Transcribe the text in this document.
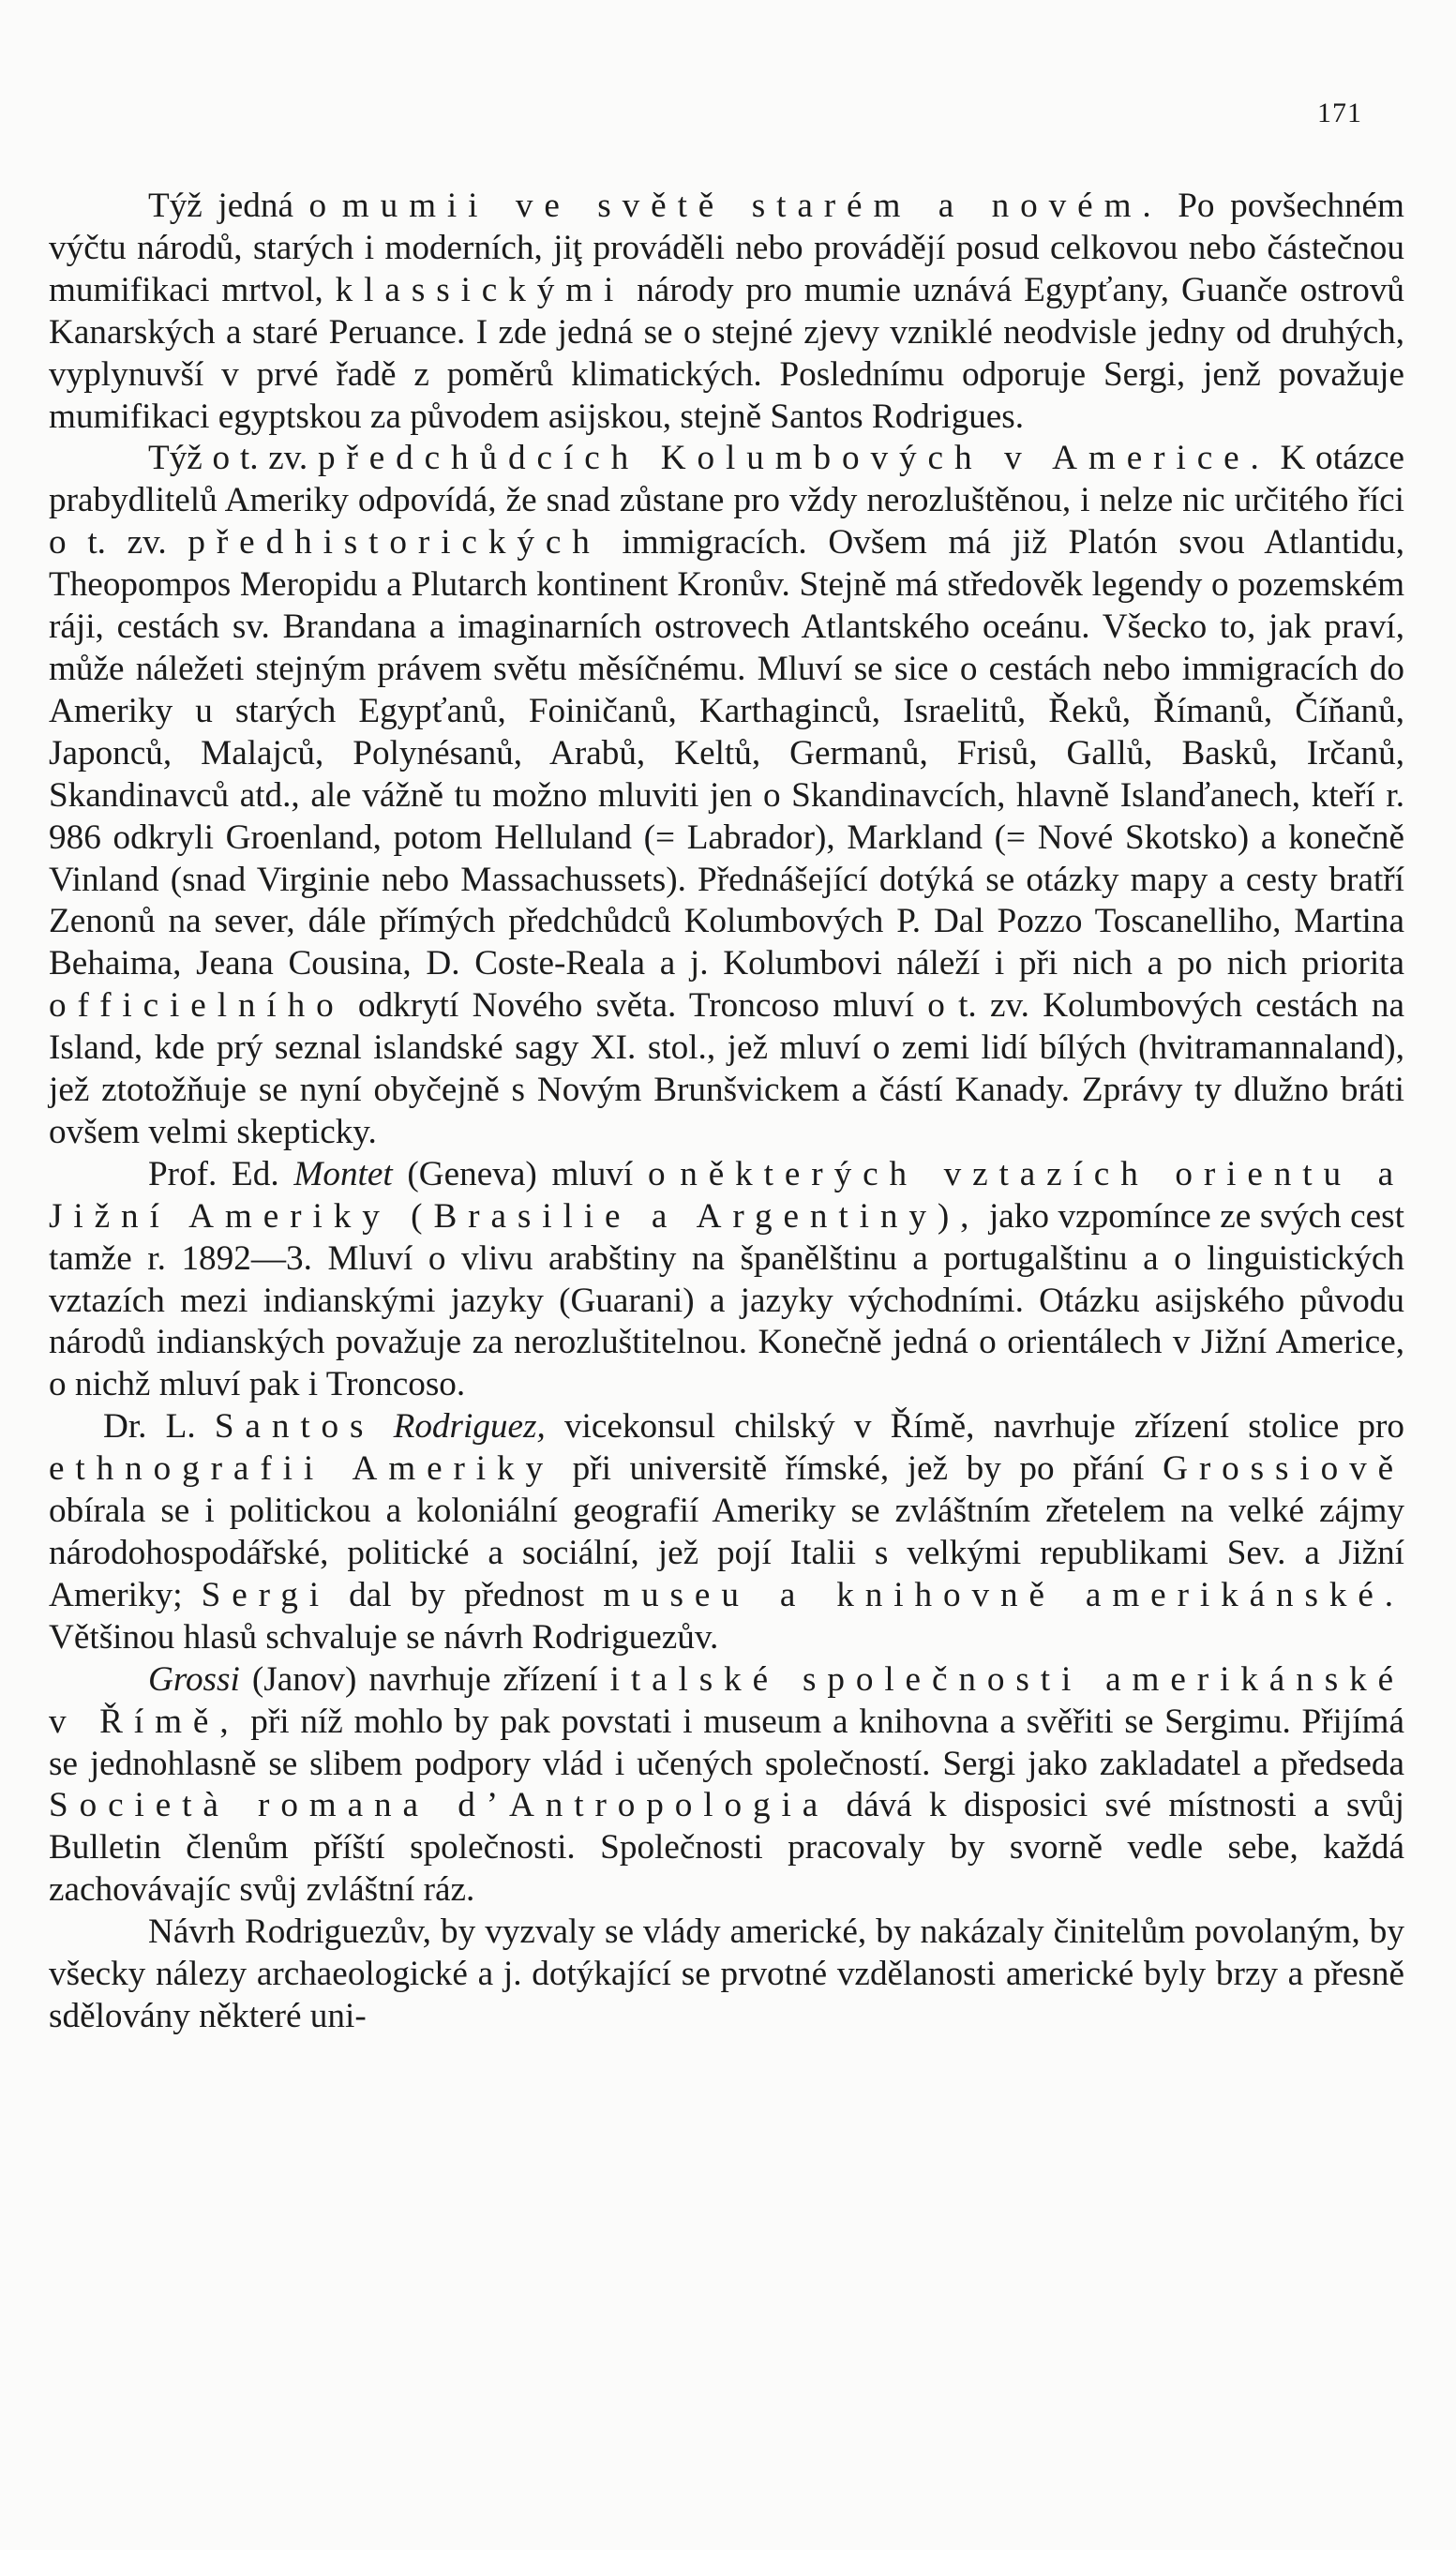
171

Týž jedná o mumii ve světě starém a novém. Po povšechném výčtu národů, starých i moderních, jiţ prováděli nebo provádějí posud celkovou nebo částečnou mumifikaci mrtvol, klassickými národy pro mumie uznává Egypťany, Guanče ostrovů Kanarských a staré Peruance. I zde jedná se o stejné zjevy vzniklé neodvisle jedny od druhých, vyplynuvší v prvé řadě z poměrů klimatických. Poslednímu odporuje Sergi, jenž považuje mumifikaci egyptskou za původem asijskou, stejně Santos Rodrigues.

Týž o t. zv. předchůdcích Kolumbových v Americe. K otázce prabydlitelů Ameriky odpovídá, že snad zůstane pro vždy nerozluštěnou, i nelze nic určitého říci o t. zv. předhistorických immigracích. Ovšem má již Platón svou Atlantidu, Theopompos Meropidu a Plutarch kontinent Kronův. Stejně má středověk legendy o pozemském ráji, cestách sv. Brandana a imaginarních ostrovech Atlantského oceánu. Všecko to, jak praví, může náležeti stejným právem světu měsíčnému. Mluví se sice o cestách nebo immigracích do Ameriky u starých Egypťanů, Foiničanů, Karthaginců, Israelitů, Řeků, Římanů, Číňanů, Japonců, Malajců, Polynésanů, Arabů, Keltů, Germanů, Frisů, Gallů, Basků, Irčanů, Skandinavců atd., ale vážně tu možno mluviti jen o Skandinavcích, hlavně Islanďanech, kteří r. 986 odkryli Groenland, potom Helluland (= Labrador), Markland (= Nové Skotsko) a konečně Vinland (snad Virginie nebo Massachussets). Přednášející dotýká se otázky mapy a cesty bratří Zenonů na sever, dále přímých předchůdců Kolumbových P. Dal Pozzo Toscanelliho, Martina Behaima, Jeana Cousina, D. Coste-Reala a j. Kolumbovi náleží i při nich a po nich priorita officielního odkrytí Nového světa. Troncoso mluví o t. zv. Kolumbových cestách na Island, kde prý seznal islandské sagy XI. stol., jež mluví o zemi lidí bílých (hvitramannaland), jež ztotožňuje se nyní obyčejně s Novým Brunšvickem a částí Kanady. Zprávy ty dlužno bráti ovšem velmi skepticky.

Prof. Ed. Montet (Geneva) mluví o některých vztazích orientu a Jižní Ameriky (Brasilie a Argentiny), jako vzpomínce ze svých cest tamže r. 1892—3. Mluví o vlivu arabštiny na španělštinu a portugalštinu a o linguistických vztazích mezi indianskými jazyky (Guarani) a jazyky východními. Otázku asijského původu národů indianských považuje za nerozluštitelnou. Konečně jedná o orientálech v Jižní Americe, o nichž mluví pak i Troncoso.

Dr. L. Santos Rodriguez, vicekonsul chilský v Římě, navrhuje zřízení stolice pro ethnografii Ameriky při universitě římské, jež by po přání Grossiově obírala se i politickou a koloniální geografií Ameriky se zvláštním zřetelem na velké zájmy národohospodářské, politické a sociální, jež pojí Italii s velkými republikami Sev. a Jižní Ameriky; Sergi dal by přednost museu a knihovně amerikánské. Většinou hlasů schvaluje se návrh Rodriguezův.

Grossi (Janov) navrhuje zřízení italské společnosti amerikánské v Římě, při níž mohlo by pak povstati i museum a knihovna a svěřiti se Sergimu. Přijímá se jednohlasně se slibem podpory vlád i učených společností. Sergi jako zakladatel a předseda Società romana d’Antropologia dává k disposici své místnosti a svůj Bulletin členům příští společnosti. Společnosti pracovaly by svorně vedle sebe, každá zachovávajíc svůj zvláštní ráz.

Návrh Rodriguezův, by vyzvaly se vlády americké, by nakázaly činitelům povolaným, by všecky nálezy archaeologické a j. dotýkající se prvotné vzdělanosti americké byly brzy a přesně sdělovány některé uni-
